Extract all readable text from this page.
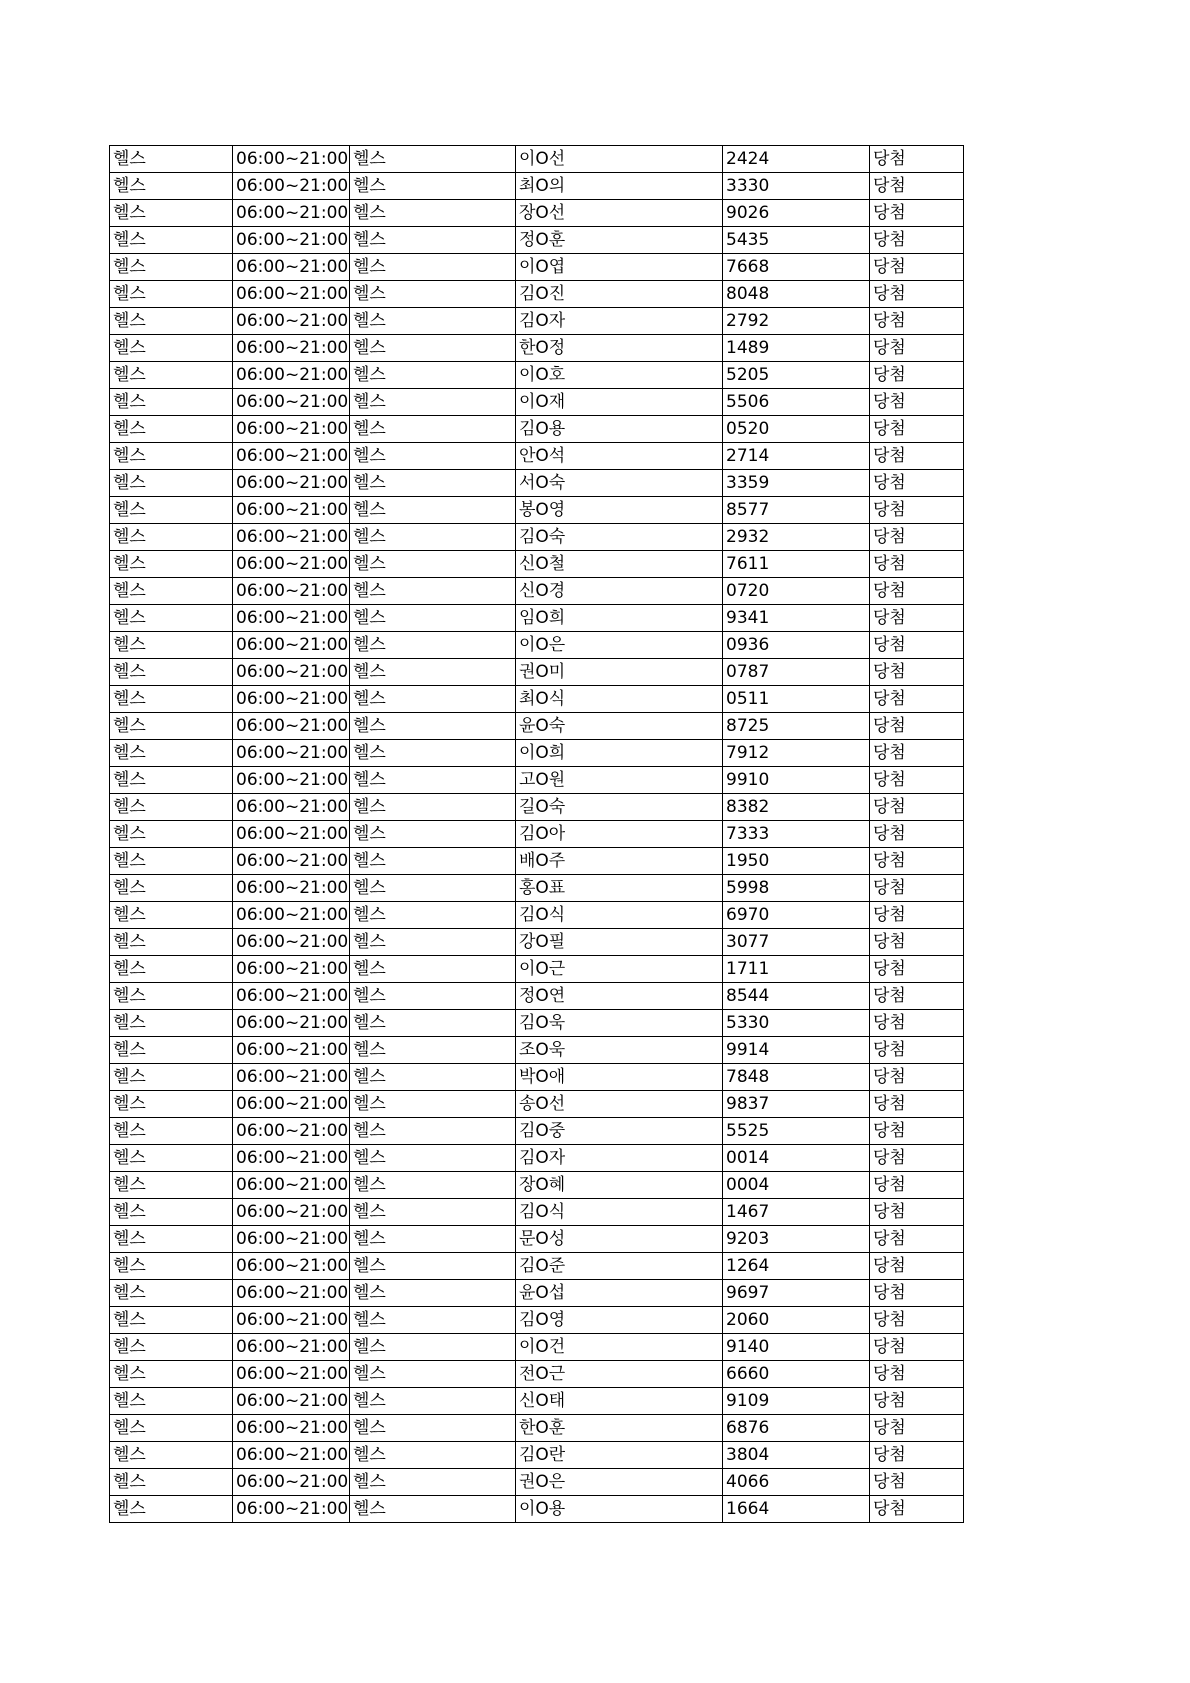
헬스	06:00~21:00	헬스	이O선	2424	당첨
헬스	06:00~21:00	헬스	최O의	3330	당첨
헬스	06:00~21:00	헬스	장O선	9026	당첨
헬스	06:00~21:00	헬스	정O훈	5435	당첨
헬스	06:00~21:00	헬스	이O엽	7668	당첨
헬스	06:00~21:00	헬스	김O진	8048	당첨
헬스	06:00~21:00	헬스	김O자	2792	당첨
헬스	06:00~21:00	헬스	한O정	1489	당첨
헬스	06:00~21:00	헬스	이O호	5205	당첨
헬스	06:00~21:00	헬스	이O재	5506	당첨
헬스	06:00~21:00	헬스	김O용	0520	당첨
헬스	06:00~21:00	헬스	안O석	2714	당첨
헬스	06:00~21:00	헬스	서O숙	3359	당첨
헬스	06:00~21:00	헬스	봉O영	8577	당첨
헬스	06:00~21:00	헬스	김O숙	2932	당첨
헬스	06:00~21:00	헬스	신O철	7611	당첨
헬스	06:00~21:00	헬스	신O경	0720	당첨
헬스	06:00~21:00	헬스	임O희	9341	당첨
헬스	06:00~21:00	헬스	이O은	0936	당첨
헬스	06:00~21:00	헬스	권O미	0787	당첨
헬스	06:00~21:00	헬스	최O식	0511	당첨
헬스	06:00~21:00	헬스	윤O숙	8725	당첨
헬스	06:00~21:00	헬스	이O희	7912	당첨
헬스	06:00~21:00	헬스	고O원	9910	당첨
헬스	06:00~21:00	헬스	길O숙	8382	당첨
헬스	06:00~21:00	헬스	김O아	7333	당첨
헬스	06:00~21:00	헬스	배O주	1950	당첨
헬스	06:00~21:00	헬스	홍O표	5998	당첨
헬스	06:00~21:00	헬스	김O식	6970	당첨
헬스	06:00~21:00	헬스	강O필	3077	당첨
헬스	06:00~21:00	헬스	이O근	1711	당첨
헬스	06:00~21:00	헬스	정O연	8544	당첨
헬스	06:00~21:00	헬스	김O욱	5330	당첨
헬스	06:00~21:00	헬스	조O욱	9914	당첨
헬스	06:00~21:00	헬스	박O애	7848	당첨
헬스	06:00~21:00	헬스	송O선	9837	당첨
헬스	06:00~21:00	헬스	김O중	5525	당첨
헬스	06:00~21:00	헬스	김O자	0014	당첨
헬스	06:00~21:00	헬스	장O혜	0004	당첨
헬스	06:00~21:00	헬스	김O식	1467	당첨
헬스	06:00~21:00	헬스	문O성	9203	당첨
헬스	06:00~21:00	헬스	김O준	1264	당첨
헬스	06:00~21:00	헬스	윤O섭	9697	당첨
헬스	06:00~21:00	헬스	김O영	2060	당첨
헬스	06:00~21:00	헬스	이O건	9140	당첨
헬스	06:00~21:00	헬스	전O근	6660	당첨
헬스	06:00~21:00	헬스	신O태	9109	당첨
헬스	06:00~21:00	헬스	한O훈	6876	당첨
헬스	06:00~21:00	헬스	김O란	3804	당첨
헬스	06:00~21:00	헬스	권O은	4066	당첨
헬스	06:00~21:00	헬스	이O용	1664	당첨
